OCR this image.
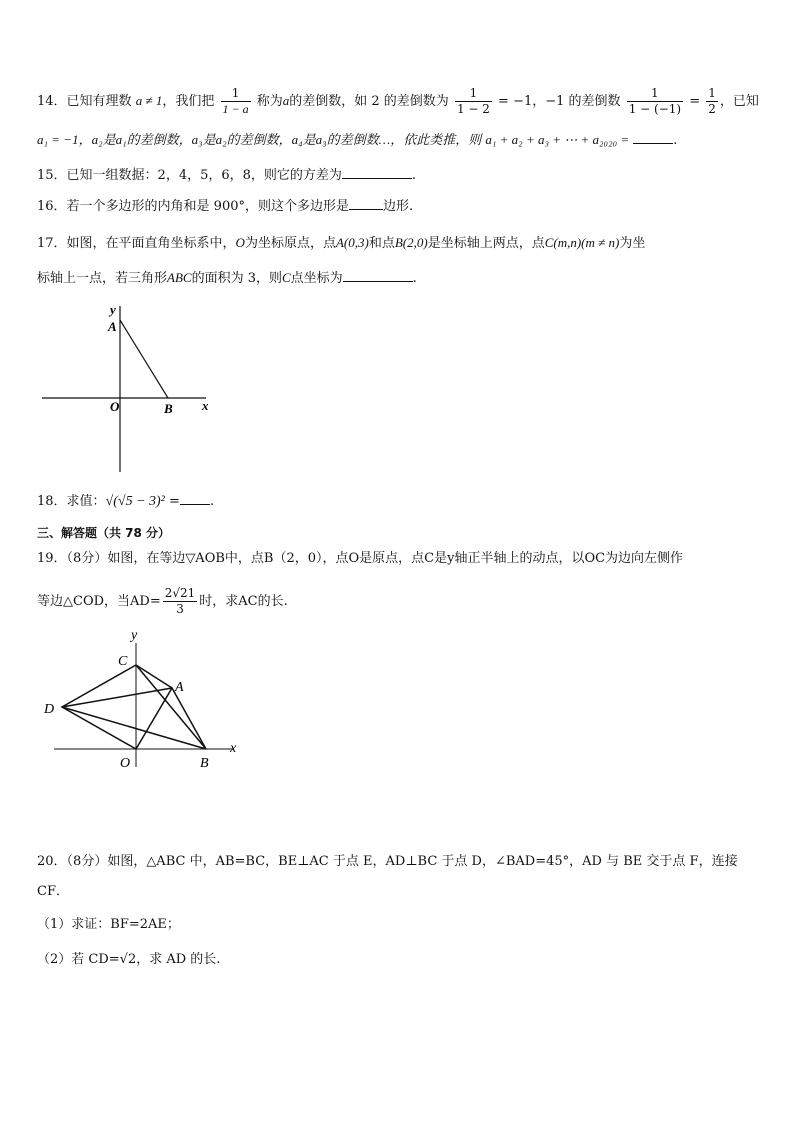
14．已知有理数 a ≠ 1，我们把 $\frac{1}{1 - a}$ 称为a的差倒数，如 2 的差倒数为 $\frac{1}{1 - 2} = -1$，−1 的差倒数 $\frac{1}{1 - (-1)} = \frac{1}{2}$ ，已知
a₁ = −1，a₂是a₁的差倒数，a₃是a₂的差倒数，a₄是a₃的差倒数…，依此类推，则 a₁ + a₂ + a₃ + ⋯ + a₂₀₂₀ =	.
15．已知一组数据：2，4，5，6，8，则它的方差为	.
16．若一个多边形的内角和是 900°，则这个多边形是	边形.
17．如图，在平面直角坐标系中，O为坐标原点，点A(0,3)和点B(2,0)是坐标轴上两点，点C(m,n)(m ≠ n)为坐
标轴上一点，若三角形ABC的面积为 3，则C点坐标为	.
y
A
O	B x
18．求值：√(√5 − 3)² = .
三、解答题（共 78 分）
19．（8分）如图，在等边▽AOB中，点B（2，0），点O是原点，点C是y轴正半轴上的动点，以OC为边向左侧作
等边△COD，当$AD= \frac{2√21}{3}$ 时，求AC的长.
y
C
A
D
O	B
x
20．（8分）如图，△ABC 中，AB=BC，BE⊥AC 于点 E，AD⊥BC 于点 D，∠BAD=45°，AD 与 BE 交于点 F，连接
CF．
（1）求证：BF=2AE；
（2）若 CD=√2，求 AD 的长.
